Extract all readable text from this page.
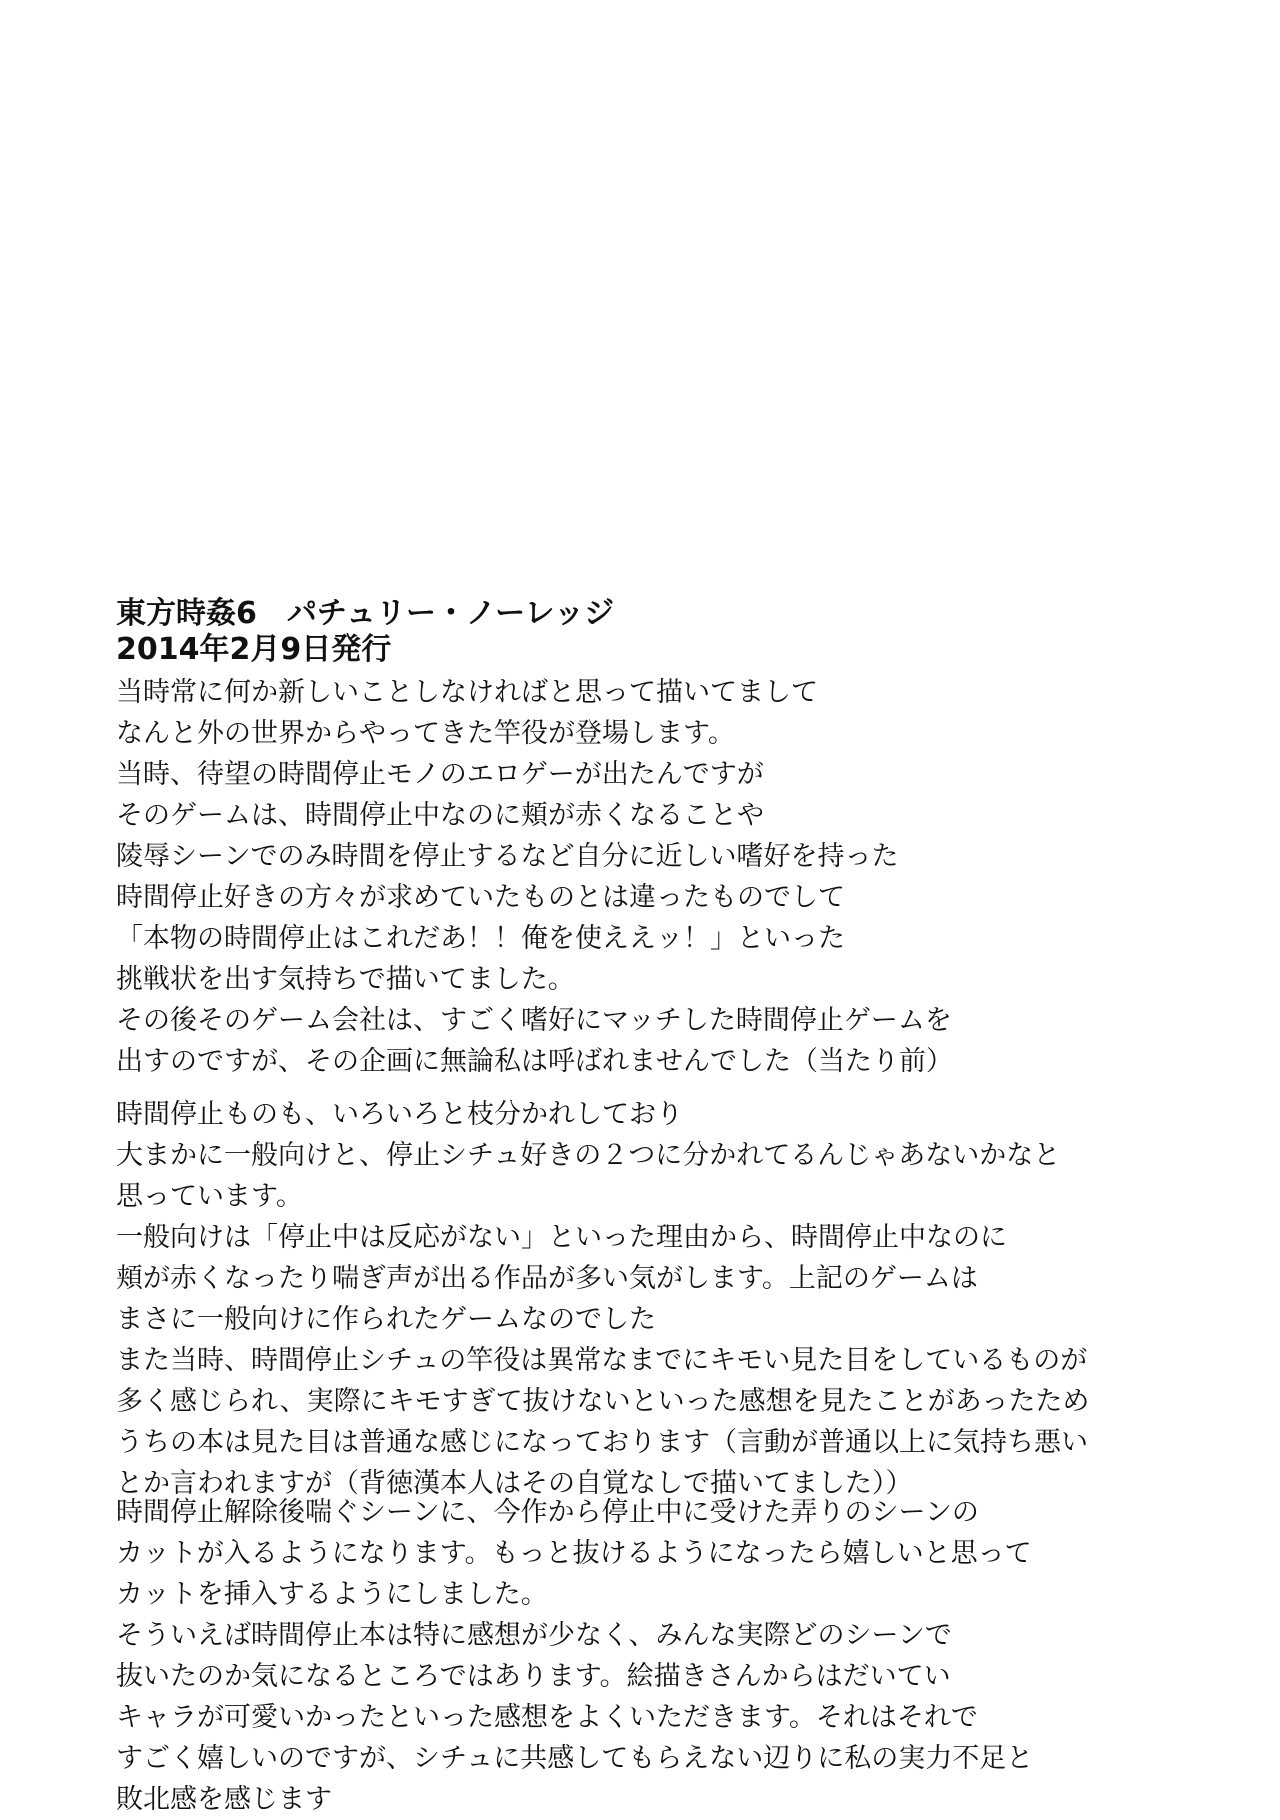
東方時姦6　パチュリー・ノーレッジ
2014年2月9日発行
当時常に何か新しいことしなければと思って描いてまして
なんと外の世界からやってきた竿役が登場します。
当時、待望の時間停止モノのエロゲーが出たんですが
そのゲームは、時間停止中なのに頬が赤くなることや
陵辱シーンでのみ時間を停止するなど自分に近しい嗜好を持った
時間停止好きの方々が求めていたものとは違ったものでして
「本物の時間停止はこれだあ！！俺を使ええッ！」といった
挑戦状を出す気持ちで描いてました。
その後そのゲーム会社は、すごく嗜好にマッチした時間停止ゲームを
出すのですが、その企画に無論私は呼ばれませんでした（当たり前）
時間停止ものも、いろいろと枝分かれしており
大まかに一般向けと、停止シチュ好きの２つに分かれてるんじゃあないかなと
思っています。
一般向けは「停止中は反応がない」といった理由から、時間停止中なのに
頬が赤くなったり喘ぎ声が出る作品が多い気がします。上記のゲームは
まさに一般向けに作られたゲームなのでした
また当時、時間停止シチュの竿役は異常なまでにキモい見た目をしているものが
多く感じられ、実際にキモすぎて抜けないといった感想を見たことがあったため
うちの本は見た目は普通な感じになっております（言動が普通以上に気持ち悪い
とか言われますが（背徳漢本人はその自覚なしで描いてました））
時間停止解除後喘ぐシーンに、今作から停止中に受けた弄りのシーンの
カットが入るようになります。もっと抜けるようになったら嬉しいと思って
カットを挿入するようにしました。
そういえば時間停止本は特に感想が少なく、みんな実際どのシーンで
抜いたのか気になるところではあります。絵描きさんからはだいてい
キャラが可愛いかったといった感想をよくいただきます。それはそれで
すごく嬉しいのですが、シチュに共感してもらえない辺りに私の実力不足と
敗北感を感じます
